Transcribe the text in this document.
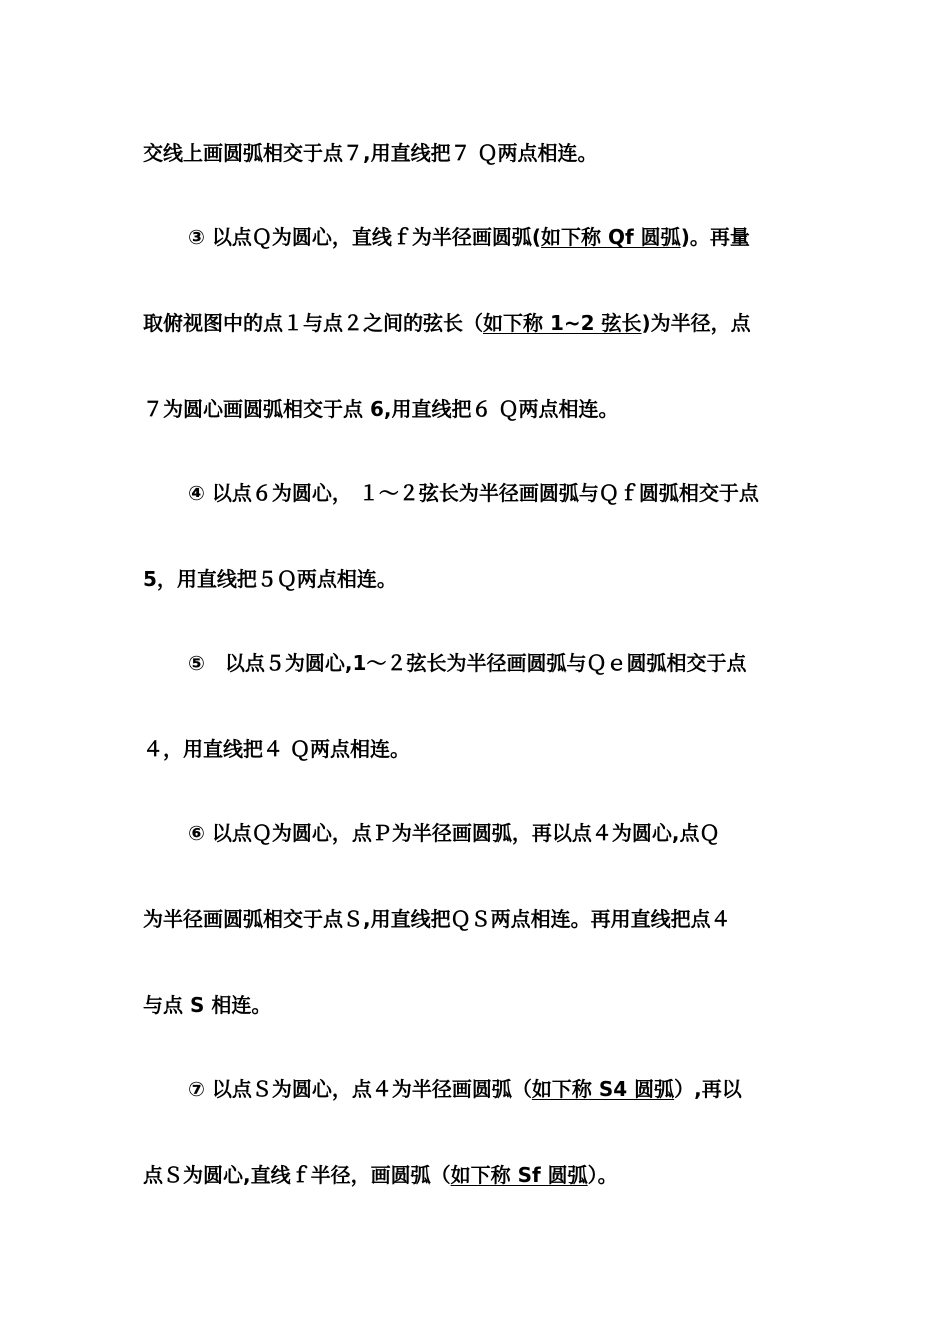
交线上画圆弧相交于点７,用直线把７ Ｑ两点相连。
③ 以点Ｑ为圆心，直线ｆ为半径画圆弧(如下称 Qf 圆弧)。再量
取俯视图中的点１与点２之间的弦长（如下称 1~2 弦长)为半径，点
７为圆心画圆弧相交于点 6,用直线把６ Ｑ两点相连。
④ 以点６为圆心， １～２弦长为半径画圆弧与Ｑｆ圆弧相交于点
5，用直线把５Ｑ两点相连。
⑤　以点５为圆心,1～２弦长为半径画圆弧与Ｑｅ圆弧相交于点
４，用直线把４ Ｑ两点相连。
⑥ 以点Ｑ为圆心，点Ｐ为半径画圆弧，再以点４为圆心,点Ｑ
为半径画圆弧相交于点Ｓ,用直线把ＱＳ两点相连。再用直线把点４
与点 S 相连。
⑦ 以点Ｓ为圆心，点４为半径画圆弧（如下称 S4 圆弧）,再以
点Ｓ为圆心,直线ｆ半径，画圆弧（如下称 Sf 圆弧）。
